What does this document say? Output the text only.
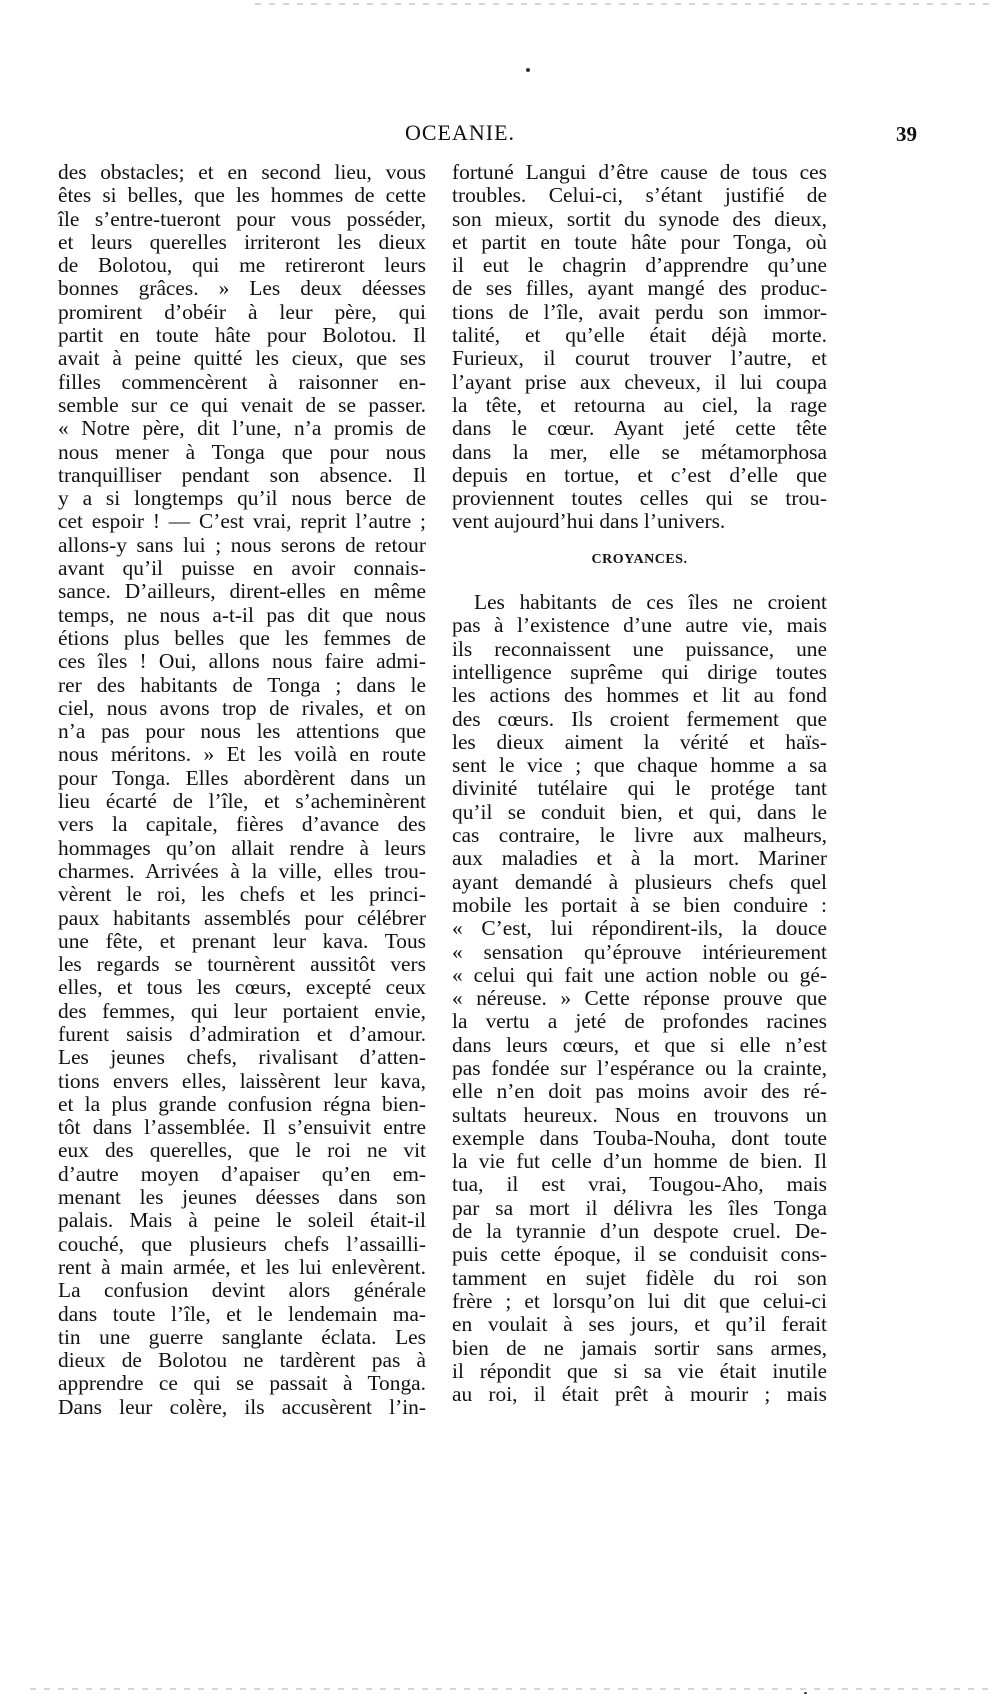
OCEANIE.	39
des obstacles; et en second lieu, vous
êtes si belles, que les hommes de cette
île s’entre-tueront pour vous posséder,
et leurs querelles irriteront les dieux
de Bolotou, qui me retireront leurs
bonnes grâces. » Les deux déesses
promirent d’obéir à leur père, qui
partit en toute hâte pour Bolotou. Il
avait à peine quitté les cieux, que ses
filles commencèrent à raisonner en-
semble sur ce qui venait de se passer.
« Notre père, dit l’une, n’a promis de
nous mener à Tonga que pour nous
tranquilliser pendant son absence. Il
y a si longtemps qu’il nous berce de
cet espoir ! — C’est vrai, reprit l’autre ;
allons-y sans lui ; nous serons de retour
avant qu’il puisse en avoir connais-
sance. D’ailleurs, dirent-elles en même
temps, ne nous a-t-il pas dit que nous
étions plus belles que les femmes de
ces îles ! Oui, allons nous faire admi-
rer des habitants de Tonga ; dans le
ciel, nous avons trop de rivales, et on
n’a pas pour nous les attentions que
nous méritons. » Et les voilà en route
pour Tonga. Elles abordèrent dans un
lieu écarté de l’île, et s’acheminèrent
vers la capitale, fières d’avance des
hommages qu’on allait rendre à leurs
charmes. Arrivées à la ville, elles trou-
vèrent le roi, les chefs et les princi-
paux habitants assemblés pour célébrer
une fête, et prenant leur kava. Tous
les regards se tournèrent aussitôt vers
elles, et tous les cœurs, excepté ceux
des femmes, qui leur portaient envie,
furent saisis d’admiration et d’amour.
Les jeunes chefs, rivalisant d’atten-
tions envers elles, laissèrent leur kava,
et la plus grande confusion régna bien-
tôt dans l’assemblée. Il s’ensuivit entre
eux des querelles, que le roi ne vit
d’autre moyen d’apaiser qu’en em-
menant les jeunes déesses dans son
palais. Mais à peine le soleil était-il
couché, que plusieurs chefs l’assailli-
rent à main armée, et les lui enlevèrent.
La confusion devint alors générale
dans toute l’île, et le lendemain ma-
tin une guerre sanglante éclata. Les
dieux de Bolotou ne tardèrent pas à
apprendre ce qui se passait à Tonga.
Dans leur colère, ils accusèrent l’in-
fortuné Langui d’être cause de tous ces
troubles. Celui-ci, s’étant justifié de
son mieux, sortit du synode des dieux,
et partit en toute hâte pour Tonga, où
il eut le chagrin d’apprendre qu’une
de ses filles, ayant mangé des produc-
tions de l’île, avait perdu son immor-
talité, et qu’elle était déjà morte.
Furieux, il courut trouver l’autre, et
l’ayant prise aux cheveux, il lui coupa
la tête, et retourna au ciel, la rage
dans le cœur. Ayant jeté cette tête
dans la mer, elle se métamorphosa
depuis en tortue, et c’est d’elle que
proviennent toutes celles qui se trou-
vent aujourd’hui dans l’univers.
CROYANCES.
Les habitants de ces îles ne croient
pas à l’existence d’une autre vie, mais
ils reconnaissent une puissance, une
intelligence suprême qui dirige toutes
les actions des hommes et lit au fond
des cœurs. Ils croient fermement que
les dieux aiment la vérité et haïs-
sent le vice ; que chaque homme a sa
divinité tutélaire qui le protége tant
qu’il se conduit bien, et qui, dans le
cas contraire, le livre aux malheurs,
aux maladies et à la mort. Mariner
ayant demandé à plusieurs chefs quel
mobile les portait à se bien conduire :
« C’est, lui répondirent-ils, la douce
« sensation qu’éprouve intérieurement
« celui qui fait une action noble ou gé-
« néreuse. » Cette réponse prouve que
la vertu a jeté de profondes racines
dans leurs cœurs, et que si elle n’est
pas fondée sur l’espérance ou la crainte,
elle n’en doit pas moins avoir des ré-
sultats heureux. Nous en trouvons un
exemple dans Touba-Nouha, dont toute
la vie fut celle d’un homme de bien. Il
tua, il est vrai, Tougou-Aho, mais
par sa mort il délivra les îles Tonga
de la tyrannie d’un despote cruel. De-
puis cette époque, il se conduisit cons-
tamment en sujet fidèle du roi son
frère ; et lorsqu’on lui dit que celui-ci
en voulait à ses jours, et qu’il ferait
bien de ne jamais sortir sans armes,
il répondit que si sa vie était inutile
au roi, il était prêt à mourir ; mais
